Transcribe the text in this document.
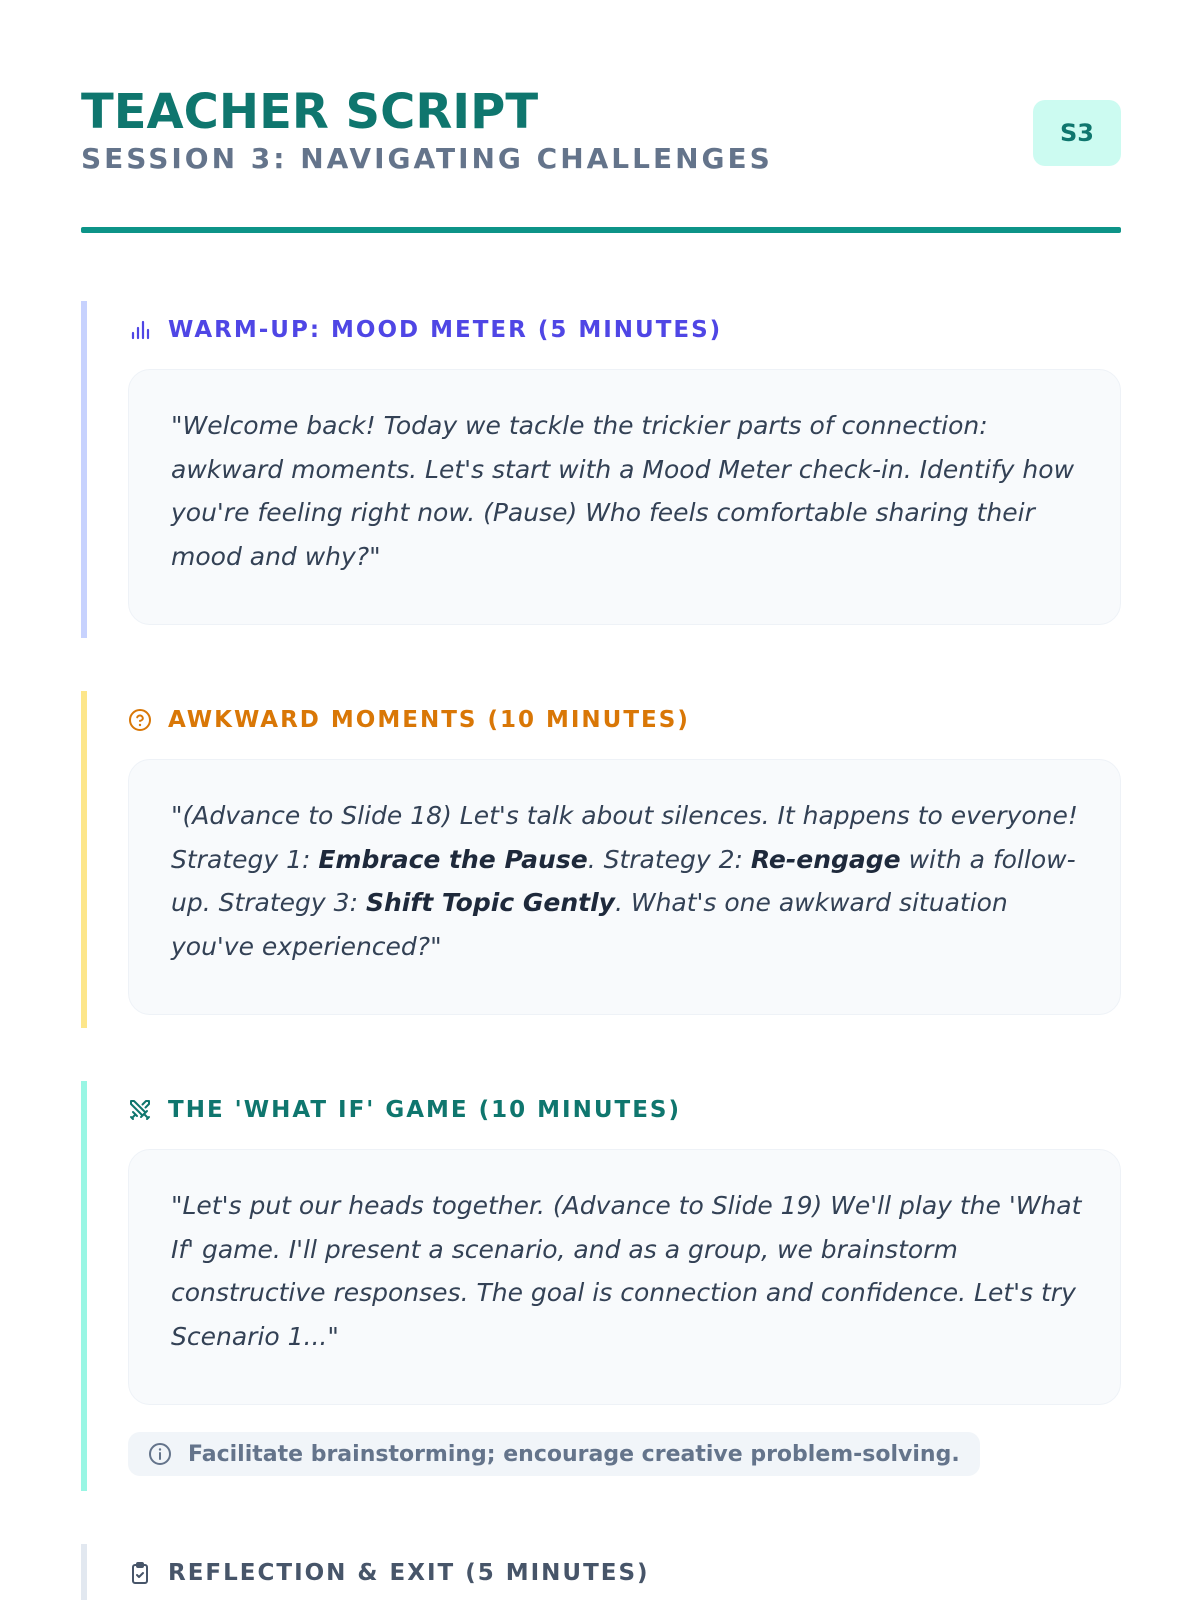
TEACHER SCRIPT
SESSION 3: NAVIGATING CHALLENGES
S3
WARM-UP: MOOD METER (5 MINUTES)

"Welcome back! Today we tackle the trickier parts of connection: awkward moments. Let's start with a Mood Meter check-in. Identify how you're feeling right now. (Pause) Who feels comfortable sharing their mood and why?"

AWKWARD MOMENTS (10 MINUTES)

"(Advance to Slide 18) Let's talk about silences. It happens to everyone! Strategy 1: Embrace the Pause. Strategy 2: Re-engage with a follow-up. Strategy 3: Shift Topic Gently. What's one awkward situation you've experienced?"

THE 'WHAT IF' GAME (10 MINUTES)

"Let's put our heads together. (Advance to Slide 19) We'll play the 'What If' game. I'll present a scenario, and as a group, we brainstorm constructive responses. The goal is connection and confidence. Let's try Scenario 1..."

Facilitate brainstorming; encourage creative problem-solving.
REFLECTION & EXIT (5 MINUTES)
